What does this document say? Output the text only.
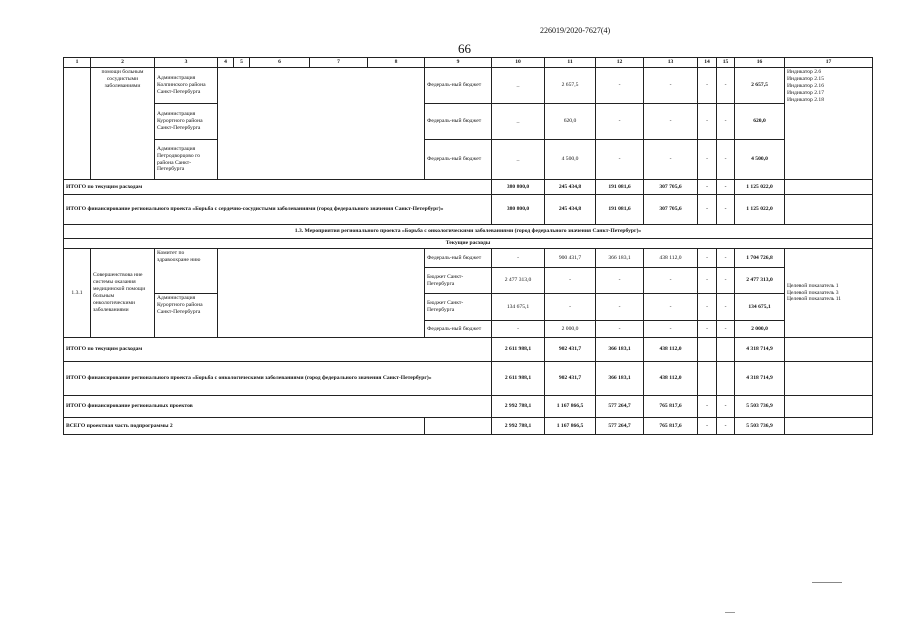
226019/2020-7627(4)
66
1	2	3	4	5	6	7	8	9	10	11	12	13	14	15	16	17
	помощи больным сосудистыми заболеваниями	Администрация Колпинского района Санкт-Петербурга						Федераль-ный бюджет	_	2 657,5	-	-	-	-	2 657,5	Индикатор 2.6
Индикатор 2.15
Индикатор 2.16
Индикатор 2.17
Индикатор 2.18

		Администрация Курортного района Санкт-Петербурга						Федераль-ный бюджет	_	620,0	-	-	-	-	620,0	
		Администрация Петродворцово го района Санкт-Петербурга						Федераль-ный бюджет	_	4 500,0	-	-	-	-	4 500,0	
ИТОГО по текущим расходам									380 800,0	245 434,8	191 081,6	307 705,6	-	-	1 125 022,0	
ИТОГО финансирование регионального проекта «Борьба с сердечно-сосудистыми заболеваниями (город федерального значения Санкт-Петербург)»									380 800,0	245 434,8	191 081,6	307 705,6	-	-	1 125 022,0	
1.3. Мероприятия регионального проекта «Борьба с онкологическими заболеваниями (город федерального значения Санкт-Петербург)»																
Текущие расходы																
1.3.1	Совершенствова ние системы оказания медицинской помощи больным онкологическими заболеваниями	Комитет по здравоохране нию						Федераль-ный бюджет	-	900 431,7	366 183,1	438 112,0	-	-	1 704 726,8	Целевой показатель 1
Целевой показатель 3
Целевой показатель 11

								Бюджет Санкт-Петербурга	2 477 313,0	-	-	-	-	-	2 477 313,0	
		Администрация Курортного района Санкт-Петербурга						Бюджет Санкт-Петербурга	134 675,1	-	-	-	-	-	134 675,1	
								Федераль-ный бюджет	-	2 000,0	-	-	-	-	2 000,0	
ИТОГО по текущим расходам									2 611 988,1	902 431,7	366 183,1	438 112,0			4 318 714,9	
ИТОГО финансирование регионального проекта «Борьба с онкологическими заболеваниями (город федерального значения Санкт-Петербург)»									2 611 988,1	902 431,7	366 183,1	438 112,0			4 318 714,9	
ИТОГО финансирование региональных проектов									2 992 788,1	1 167 866,5	577 264,7	765 817,6	-	-	5 503 736,9	
ВСЕГО проектная часть подпрограммы 2									2 992 788,1	1 167 866,5	577 264,7	765 817,6	-	-	5 503 736,9	
